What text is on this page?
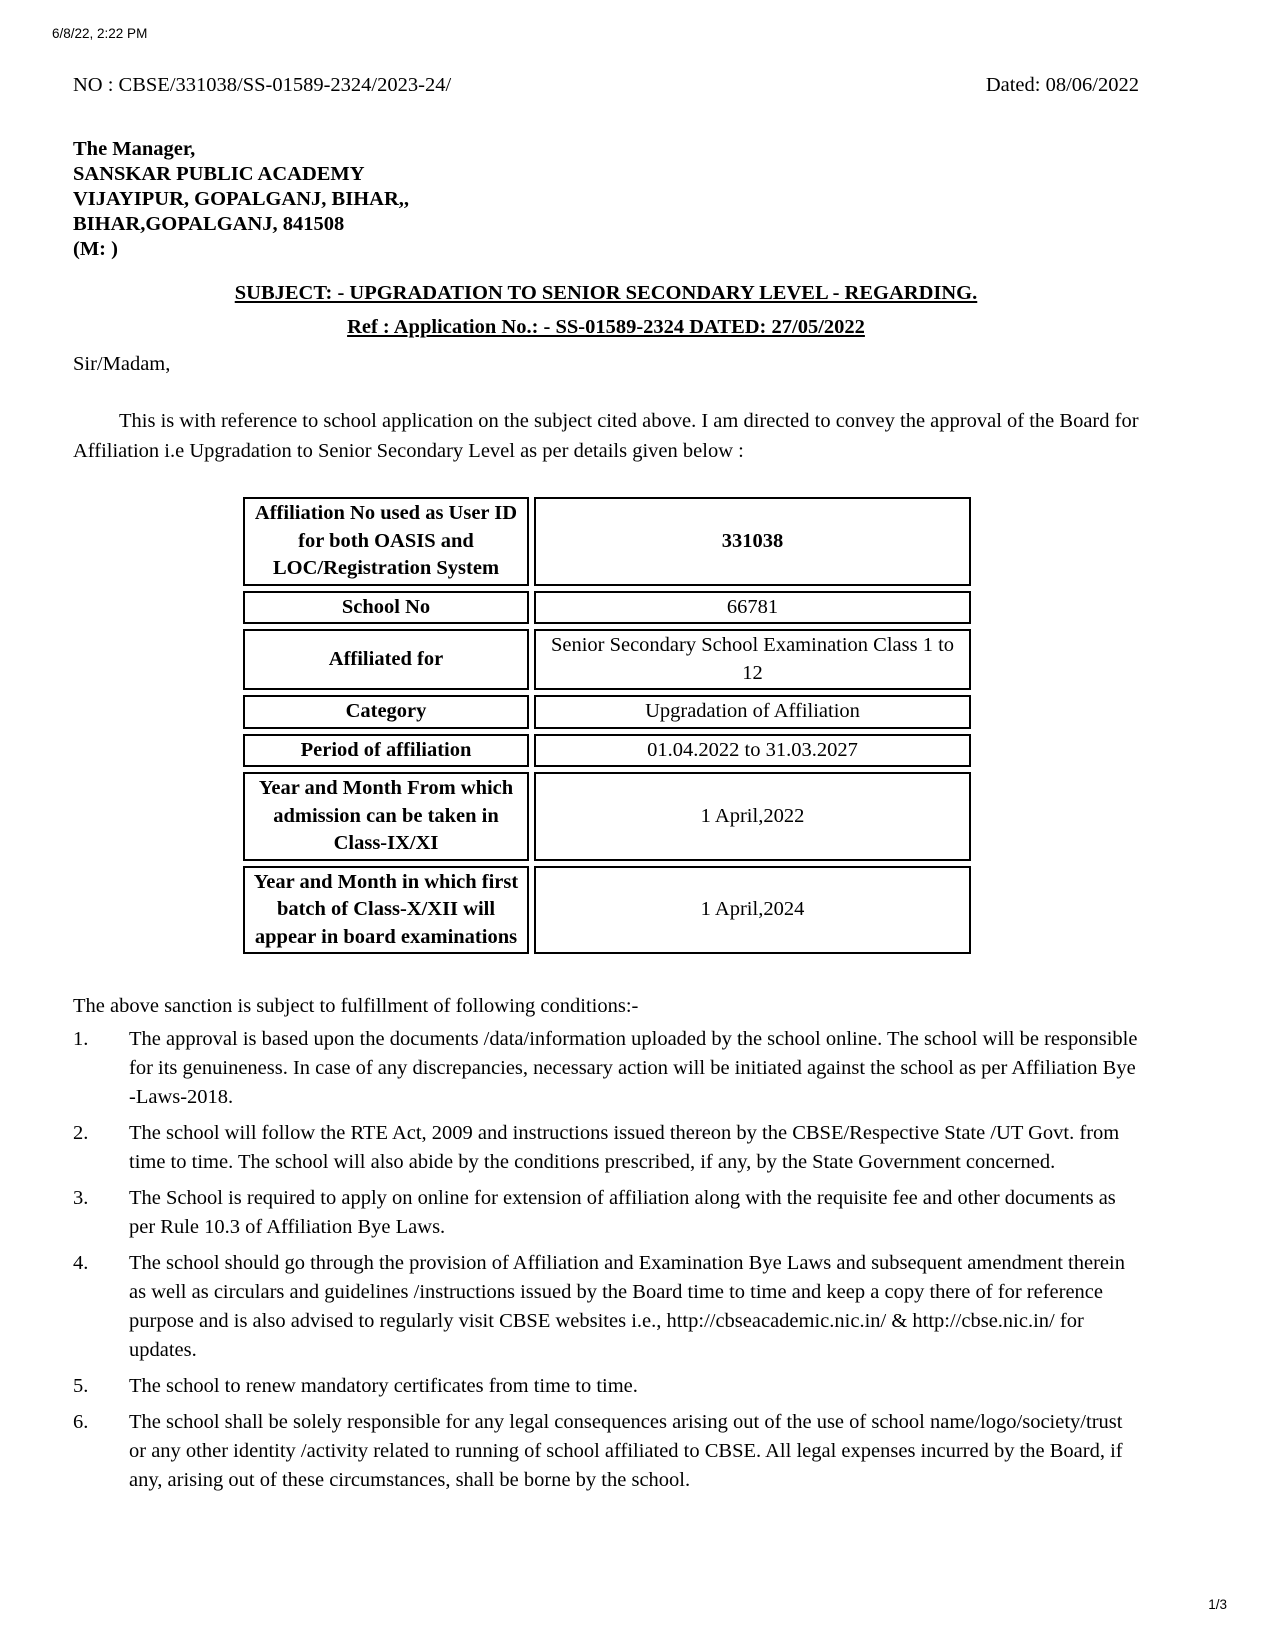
6/8/22, 2:22 PM
NO : CBSE/331038/SS-01589-2324/2023-24/	Dated: 08/06/2022
The Manager,
SANSKAR PUBLIC ACADEMY
VIJAYIPUR, GOPALGANJ, BIHAR,,
BIHAR,GOPALGANJ, 841508
(M: )
SUBJECT: - UPGRADATION TO SENIOR SECONDARY LEVEL - REGARDING.
Ref : Application No.: - SS-01589-2324 DATED: 27/05/2022
Sir/Madam,
This is with reference to school application on the subject cited above. I am directed to convey the approval of the Board for Affiliation i.e Upgradation to Senior Secondary Level as per details given below :
Affiliation No used as User ID for both OASIS and LOC/Registration System	331038
School No	66781
Affiliated for	Senior Secondary School Examination Class 1 to 12
Category	Upgradation of Affiliation
Period of affiliation	01.04.2022 to 31.03.2027
Year and Month From which admission can be taken in Class-IX/XI	1 April,2022
Year and Month in which first batch of Class-X/XII will appear in board examinations	1 April,2024
The above sanction is subject to fulfillment of following conditions:-
1.	The approval is based upon the documents /data/information uploaded by the school online. The school will be responsible for its genuineness. In case of any discrepancies, necessary action will be initiated against the school as per Affiliation Bye -Laws-2018.
2.	The school will follow the RTE Act, 2009 and instructions issued thereon by the CBSE/Respective State /UT Govt. from time to time. The school will also abide by the conditions prescribed, if any, by the State Government concerned.
3.	The School is required to apply on online for extension of affiliation along with the requisite fee and other documents as per Rule 10.3 of Affiliation Bye Laws.
4.	The school should go through the provision of Affiliation and Examination Bye Laws and subsequent amendment therein as well as circulars and guidelines /instructions issued by the Board time to time and keep a copy there of for reference purpose and is also advised to regularly visit CBSE websites i.e., http://cbseacademic.nic.in/ & http://cbse.nic.in/ for updates.
5.	The school to renew mandatory certificates from time to time.
6.	The school shall be solely responsible for any legal consequences arising out of the use of school name/logo/society/trust or any other identity /activity related to running of school affiliated to CBSE. All legal expenses incurred by the Board, if any, arising out of these circumstances, shall be borne by the school.
1/3
